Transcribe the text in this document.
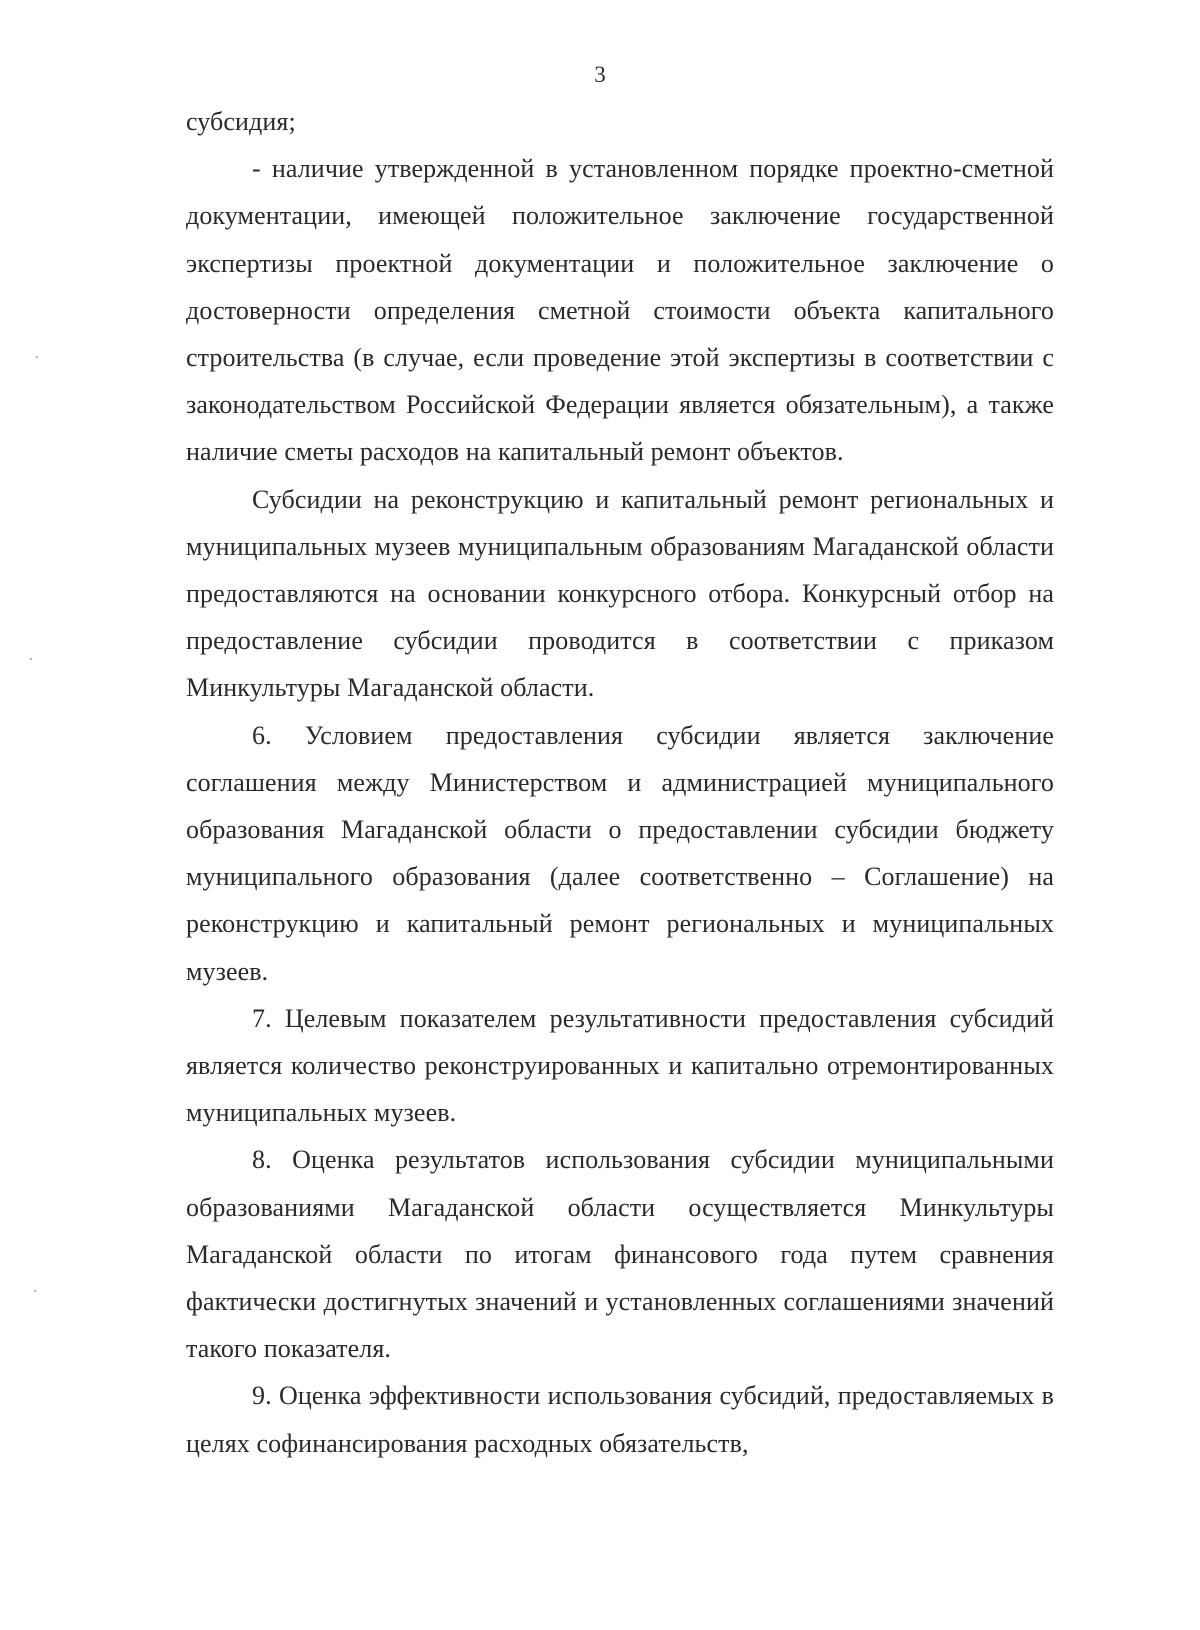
3

субсидия;

- наличие утвержденной в установленном порядке проектно-сметной документации, имеющей положительное заключение государственной экспертизы проектной документации и положительное заключение о достоверности определения сметной стоимости объекта капитального строительства (в случае, если проведение этой экспертизы в соответствии с законодательством Российской Федерации является обязательным), а также наличие сметы расходов на капитальный ремонт объектов.

Субсидии на реконструкцию и капитальный ремонт региональных и муниципальных музеев муниципальным образованиям Магаданской области предоставляются на основании конкурсного отбора. Конкурсный отбор на предоставление субсидии проводится в соответствии с приказом Минкультуры Магаданской области.

6. Условием предоставления субсидии является заключение соглашения между Министерством и администрацией муниципального образования Магаданской области о предоставлении субсидии бюджету муниципального образования (далее соответственно – Соглашение) на реконструкцию и капитальный ремонт региональных и муниципальных музеев.

7. Целевым показателем результативности предоставления субсидий является количество реконструированных и капитально отремонтированных муниципальных музеев.

8. Оценка результатов использования субсидии муниципальными образованиями Магаданской области осуществляется Минкультуры Магаданской области по итогам финансового года путем сравнения фактически достигнутых значений и установленных соглашениями значений такого показателя.

9. Оценка эффективности использования субсидий, предоставляемых в целях софинансирования расходных обязательств,
